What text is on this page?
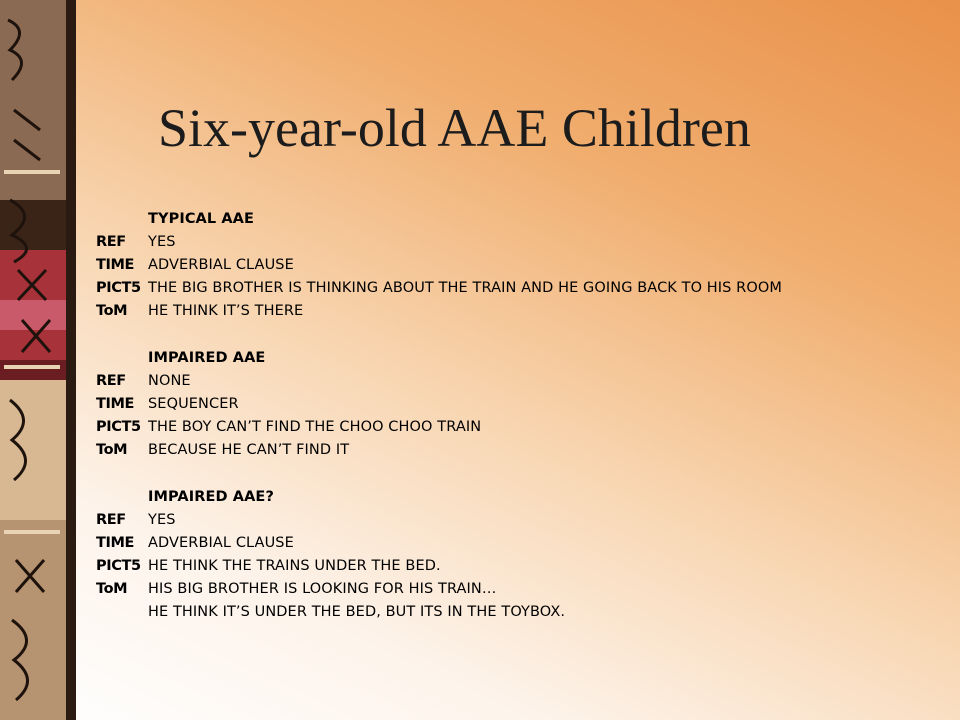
Six-year-old AAE Children
TYPICAL AAE
REF	YES
TIME ADVERBIAL CLAUSE
PICT5 THE BIG BROTHER IS THINKING ABOUT THE TRAIN AND HE GOING BACK TO HIS ROOM
ToM	HE THINK IT’S THERE
IMPAIRED AAE
REF	NONE
TIME SEQUENCER
PICT5 THE BOY CAN’T FIND THE CHOO CHOO TRAIN
ToM	BECAUSE HE CAN’T FIND IT
IMPAIRED AAE?
REF	YES
TIME ADVERBIAL CLAUSE
PICT5 HE THINK THE TRAINS UNDER THE BED.
ToM	HIS BIG BROTHER IS LOOKING FOR HIS TRAIN…
HE THINK IT’S UNDER THE BED, BUT ITS IN THE TOYBOX.
